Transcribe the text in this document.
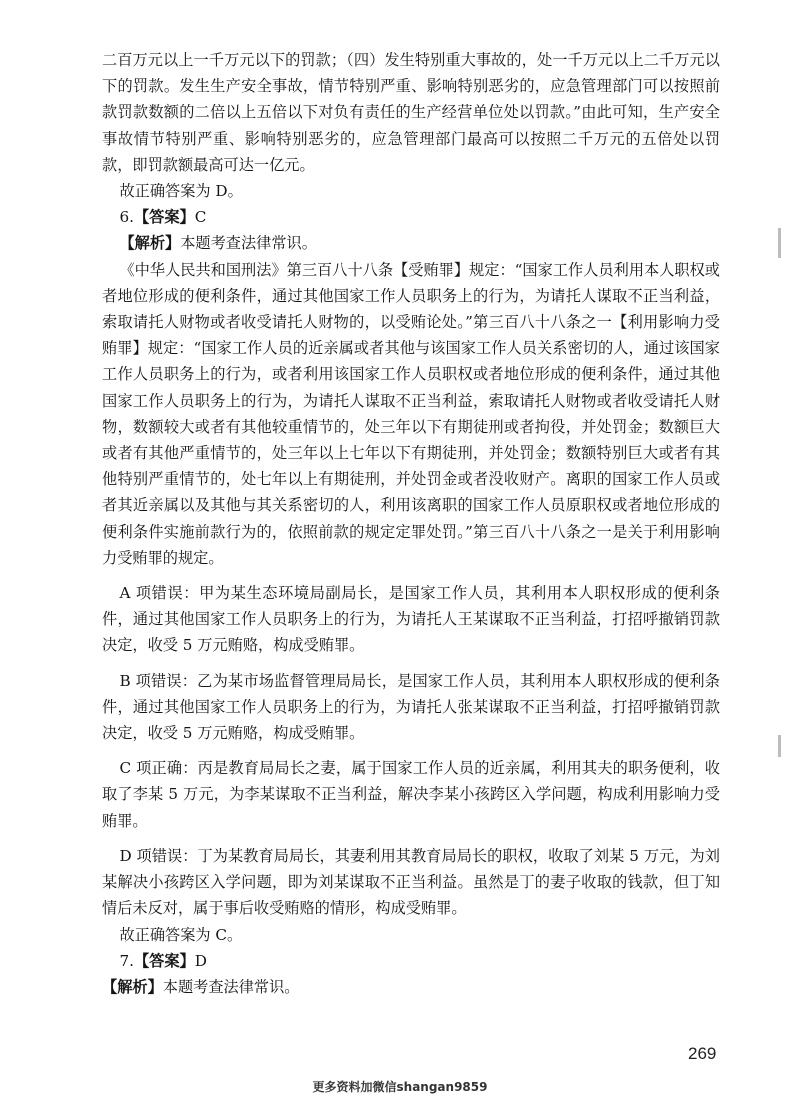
二百万元以上一千万元以下的罚款；（四）发生特别重大事故的，处一千万元以上二千万元以下的罚款。发生生产安全事故，情节特别严重、影响特别恶劣的，应急管理部门可以按照前款罚款数额的二倍以上五倍以下对负有责任的生产经营单位处以罚款。”由此可知，生产安全事故情节特别严重、影响特别恶劣的，应急管理部门最高可以按照二千万元的五倍处以罚款，即罚款额最高可达一亿元。

故正确答案为 D。

6.【答案】C

【解析】本题考查法律常识。

《中华人民共和国刑法》第三百八十八条【受贿罪】规定：“国家工作人员利用本人职权或者地位形成的便利条件，通过其他国家工作人员职务上的行为，为请托人谋取不正当利益，索取请托人财物或者收受请托人财物的，以受贿论处。”第三百八十八条之一【利用影响力受贿罪】规定：“国家工作人员的近亲属或者其他与该国家工作人员关系密切的人，通过该国家工作人员职务上的行为，或者利用该国家工作人员职权或者地位形成的便利条件，通过其他国家工作人员职务上的行为，为请托人谋取不正当利益，索取请托人财物或者收受请托人财物，数额较大或者有其他较重情节的，处三年以下有期徒刑或者拘役，并处罚金；数额巨大或者有其他严重情节的，处三年以上七年以下有期徒刑，并处罚金；数额特别巨大或者有其他特别严重情节的，处七年以上有期徒刑，并处罚金或者没收财产。离职的国家工作人员或者其近亲属以及其他与其关系密切的人，利用该离职的国家工作人员原职权或者地位形成的便利条件实施前款行为的，依照前款的规定定罪处罚。”第三百八十八条之一是关于利用影响力受贿罪的规定。

A 项错误：甲为某生态环境局副局长，是国家工作人员，其利用本人职权形成的便利条件，通过其他国家工作人员职务上的行为，为请托人王某谋取不正当利益，打招呼撤销罚款决定，收受 5 万元贿赂，构成受贿罪。

B 项错误：乙为某市场监督管理局局长，是国家工作人员，其利用本人职权形成的便利条件，通过其他国家工作人员职务上的行为，为请托人张某谋取不正当利益，打招呼撤销罚款决定，收受 5 万元贿赂，构成受贿罪。

C 项正确：丙是教育局局长之妻，属于国家工作人员的近亲属，利用其夫的职务便利，收取了李某 5 万元，为李某谋取不正当利益，解决李某小孩跨区入学问题，构成利用影响力受贿罪。

D 项错误：丁为某教育局局长，其妻利用其教育局局长的职权，收取了刘某 5 万元，为刘某解决小孩跨区入学问题，即为刘某谋取不正当利益。虽然是丁的妻子收取的钱款，但丁知情后未反对，属于事后收受贿赂的情形，构成受贿罪。

故正确答案为 C。

7.【答案】D

【解析】本题考查法律常识。

269
更多资料加微信shangan9859
